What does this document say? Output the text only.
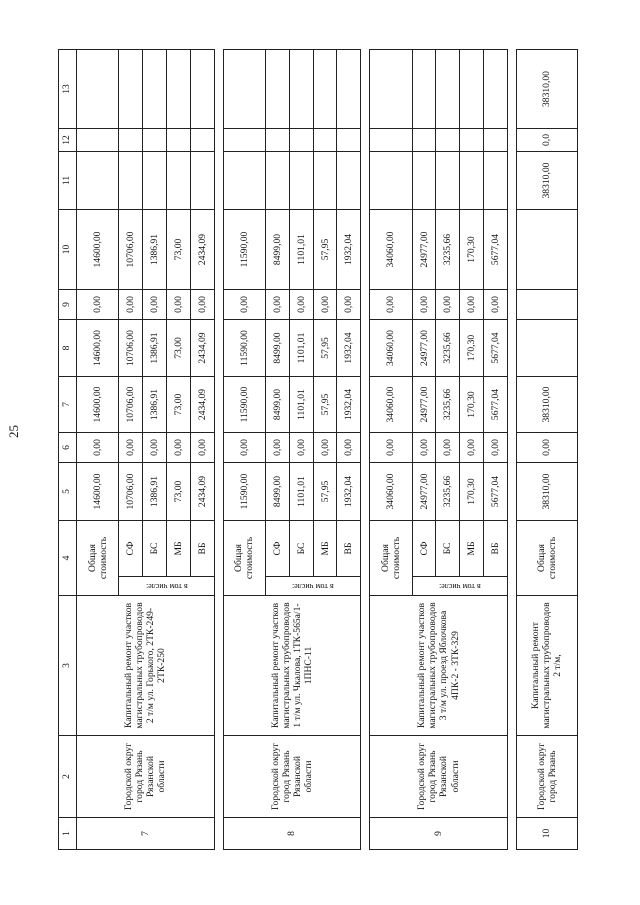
25
1	2	3	4		5	6	7	8	9	10	11	12	13
7	Городской округ город Рязань Рязанской области	Капитальный ремонт участков магистральных трубопроводов 2 т/м ул. Горького, 2ТК-249-2ТК-250	Общая стоимость		14600,00	0,00	14600,00	14600,00	0,00	14600,00			

			в том числе:	СФ	10706,00	0,00	10706,00	10706,00	0,00	10706,00			
				БС	1386,91	0,00	1386,91	1386,91	0,00	1386,91			
				МБ	73,00	0,00	73,00	73,00	0,00	73,00			
				ВБ	2434,09	0,00	2434,09	2434,09	0,00	2434,09			

8	Городской округ город Рязань Рязанской области	Капитальный ремонт участков магистральных трубопроводов 1 т/м ул. Чкалова, 1ТК-565а/1-1ПНС-11	Общая стоимость		11590,00	0,00	11590,00	11590,00	0,00	11590,00			

			в том числе:	СФ	8499,00	0,00	8499,00	8499,00	0,00	8499,00			
				БС	1101,01	0,00	1101,01	1101,01	0,00	1101,01			
				МБ	57,95	0,00	57,95	57,95	0,00	57,95			
				ВБ	1932,04	0,00	1932,04	1932,04	0,00	1932,04			

9	Городской округ город Рязань Рязанской области	Капитальный ремонт участков магистральных трубопроводов 3 т/м ул. проезд Яблочкова 4ПК-2 - 3ТК-329	Общая стоимость		34060,00	0,00	34060,00	34060,00	0,00	34060,00			

			в том числе:	СФ	24977,00	0,00	24977,00	24977,00	0,00	24977,00			
				БС	3235,66	0,00	3235,66	3235,66	0,00	3235,66			
				МБ	170,30	0,00	170,30	170,30	0,00	170,30			
				ВБ	5677,04	0,00	5677,04	5677,04	0,00	5677,04			

10	Городской округ город Рязань	Капитальный ремонт магистральных трубопроводов 2 т/м,	Общая стоимость		38310,00	0,00	38310,00				38310,00	0,0	38310,00
